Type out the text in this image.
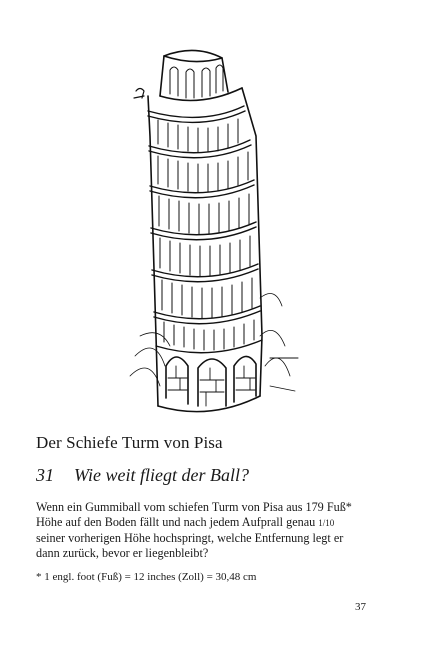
Der Schiefe Turm von Pisa
31 Wie weit fliegt der Ball?
Wenn ein Gummiball vom schiefen Turm von Pisa aus 179 Fuß*
Höhe auf den Boden fällt und nach jedem Aufprall genau 1/10
seiner vorherigen Höhe hochspringt, welche Entfernung legt er
dann zurück, bevor er liegenbleibt?
* 1 engl. foot (Fuß) = 12 inches (Zoll) = 30,48 cm
37
